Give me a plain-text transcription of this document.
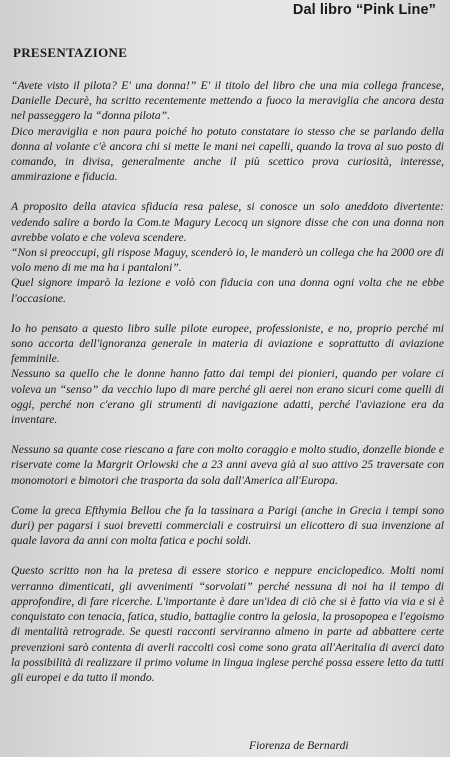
Dal libro “Pink Line”
PRESENTAZIONE
“Avete visto il pilota? E' una donna!” E' il titolo del libro che una mia collega francese, Danielle Decurè, ha scritto recentemente mettendo a fuoco la meraviglia che ancora desta nel passeggero la “donna pilota”.
Dico meraviglia e non paura poiché ho potuto constatare io stesso che se parlando della donna al volante c'è ancora chi si mette le mani nei capelli, quando la trova al suo posto di comando, in divisa, generalmente anche il più scettico prova curiosità, interesse, ammirazione e fiducia.
A proposito della atavica sfiducia resa palese, si conosce un solo aneddoto divertente: vedendo salire a bordo la Com.te Magury Lecocq un signore disse che con una donna non avrebbe volato e che voleva scendere.
“Non si preoccupi, gli rispose Maguy, scenderò io, le manderò un collega che ha 2000 ore di volo meno di me ma ha i pantaloni”.
Quel signore imparò la lezione e volò con fiducia con una donna ogni volta che ne ebbe l'occasione.
Io ho pensato a questo libro sulle pilote europee, professioniste, e no, proprio perché mi sono accorta dell'ignoranza generale in materia di aviazione e soprattutto di aviazione femminile.
Nessuno sa quello che le donne hanno fatto dai tempi dei pionieri, quando per volare ci voleva un “senso” da vecchio lupo di mare perché gli aerei non erano sicuri come quelli di oggi, perché non c'erano gli strumenti di navigazione adatti, perché l'aviazione era da inventare.
Nessuno sa quante cose riescano a fare con molto coraggio e molto studio, donzelle bionde e riservate come la Margrit Orlowski che a 23 anni aveva già al suo attivo 25 traversate con monomotori e bimotori che trasporta da sola dall'America all'Europa.
Come la greca Efthymia Bellou che fa la tassinara a Parigi (anche in Grecia i tempi sono duri) per pagarsi i suoi brevetti commerciali e costruirsi un elicottero di sua invenzione al quale lavora da anni con molta fatica e pochi soldi.
Questo scritto non ha la pretesa di essere storico e neppure enciclopedico. Molti nomi verranno dimenticati, gli avvenimenti “sorvolati” perché nessuna di noi ha il tempo di approfondire, di fare ricerche. L'importante è dare un'idea di ciò che si è fatto via via e si è conquistato con tenacia, fatica, studio, battaglie contro la gelosia, la prosopopea e l'egoismo di mentalità retrograde. Se questi racconti serviranno almeno in parte ad abbattere certe prevenzioni sarò contenta di averli raccolti così come sono grata all'Aeritalia di averci dato la possibilità di realizzare il primo volume in lingua inglese perché possa essere letto da tutti gli europei e da tutto il mondo.
Fiorenza de Bernardi
